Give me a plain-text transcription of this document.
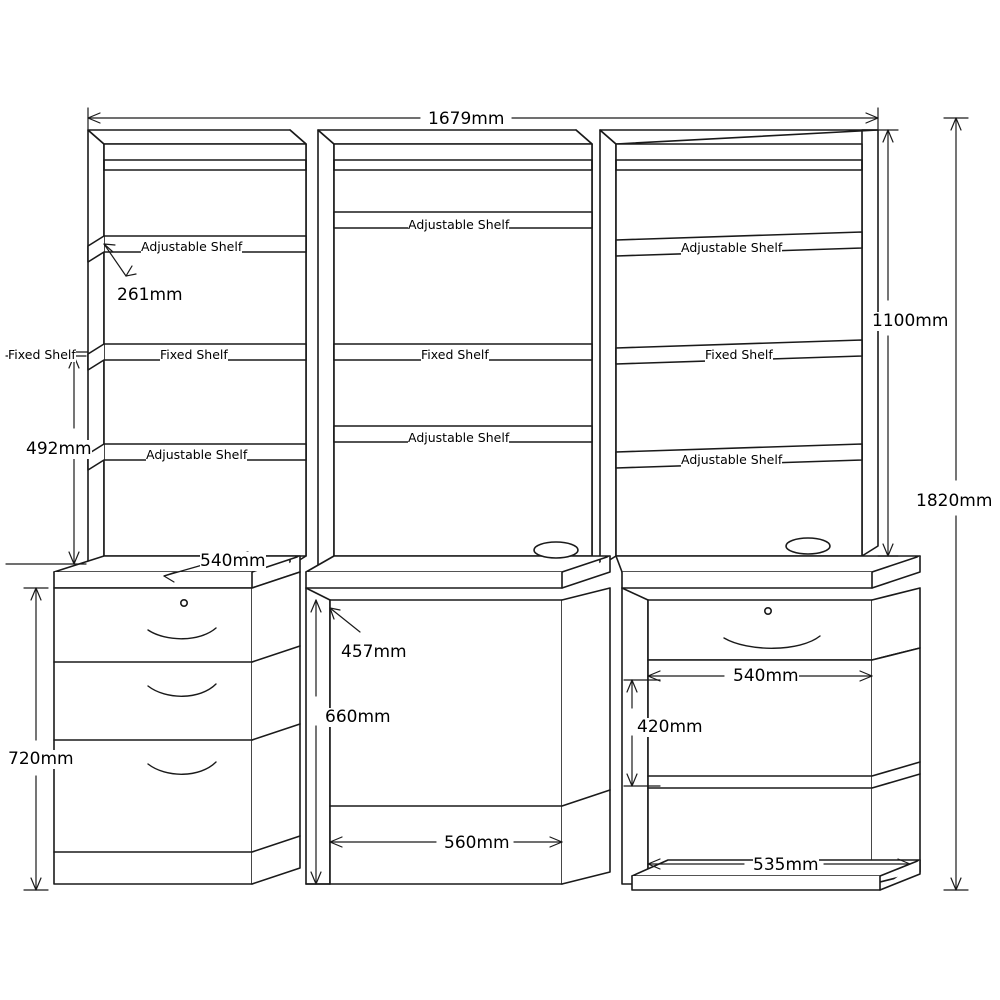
Fixed Shelf
Adjustable Shelf
Adjustable Shelf
Adjustable Shelf
Fixed Shelf	Fixed Shelf	Fixed Shelf
Adjustable Shelf
Adjustable Shelf	Adjustable Shelf
1679mm
261mm
1100mm
492mm
1820mm
540mm
457mm
540mm
660mm	420mm
720mm
560mm
535mm
